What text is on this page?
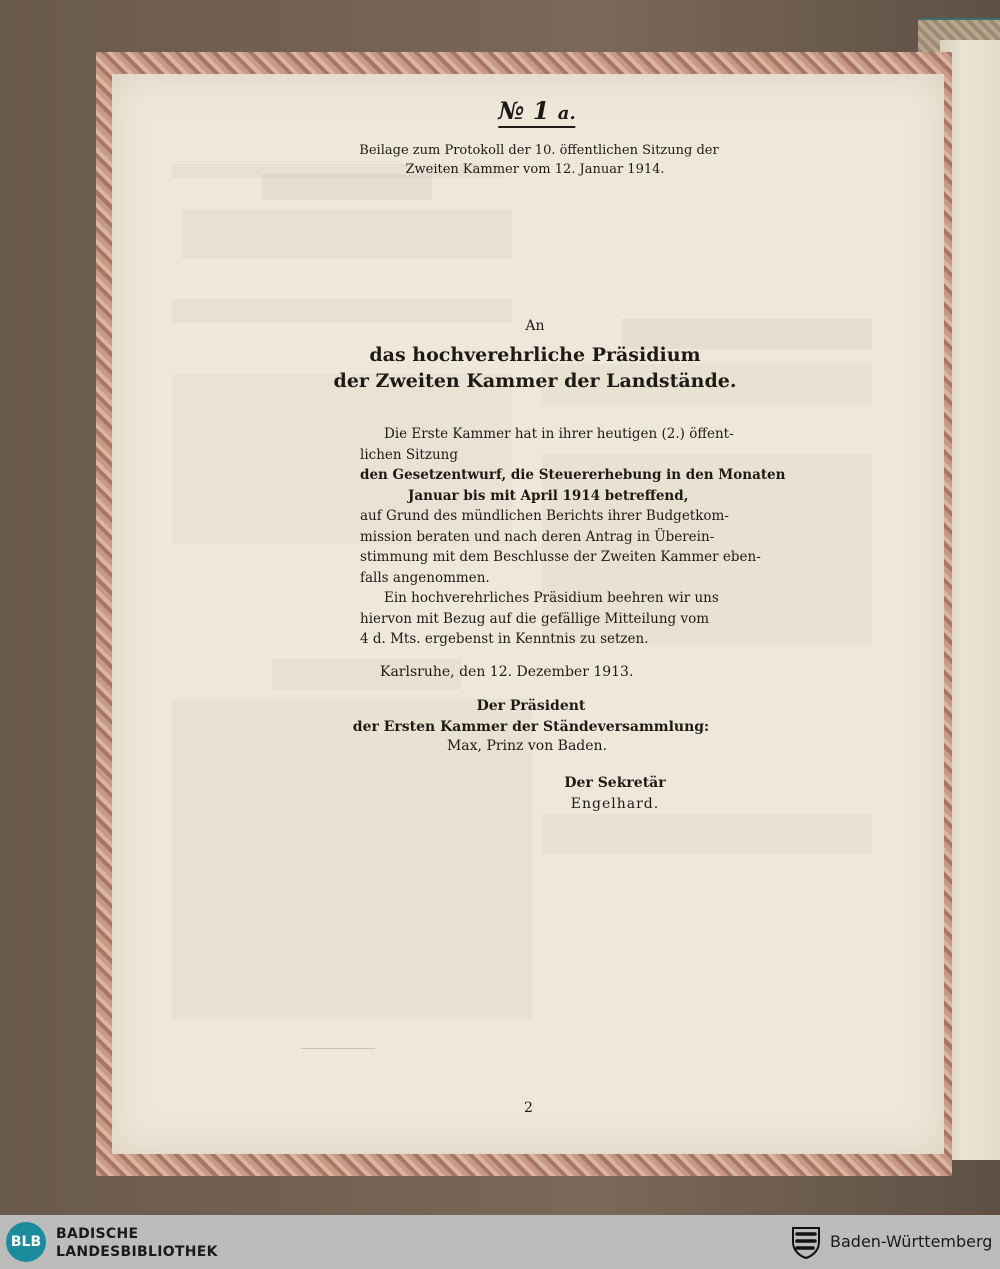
№ 1 a.
Beilage zum Protokoll der 10. öffentlichen Sitzung der
Zweiten Kammer vom 12. Januar 1914.
An
das hochverehrliche Präsidium
der Zweiten Kammer der Landstände.
Die Erste Kammer hat in ihrer heutigen (2.) öffent-
lichen Sitzung
den Gesetzentwurf, die Steuererhebung in den Monaten
Januar bis mit April 1914 betreffend,
auf Grund des mündlichen Berichts ihrer Budgetkom-
mission beraten und nach deren Antrag in Überein-
stimmung mit dem Beschlusse der Zweiten Kammer eben-
falls angenommen.
Ein hochverehrliches Präsidium beehren wir uns
hiervon mit Bezug auf die gefällige Mitteilung vom
4 d. Mts. ergebenst in Kenntnis zu setzen.
Karlsruhe, den 12. Dezember 1913.
Der Präsident
der Ersten Kammer der Ständeversammlung:
Max, Prinz von Baden.
Der Sekretär
Engelhard.
2
BLB	BADISCHE
LANDESBIBLIOTHEK
Baden-Württemberg
